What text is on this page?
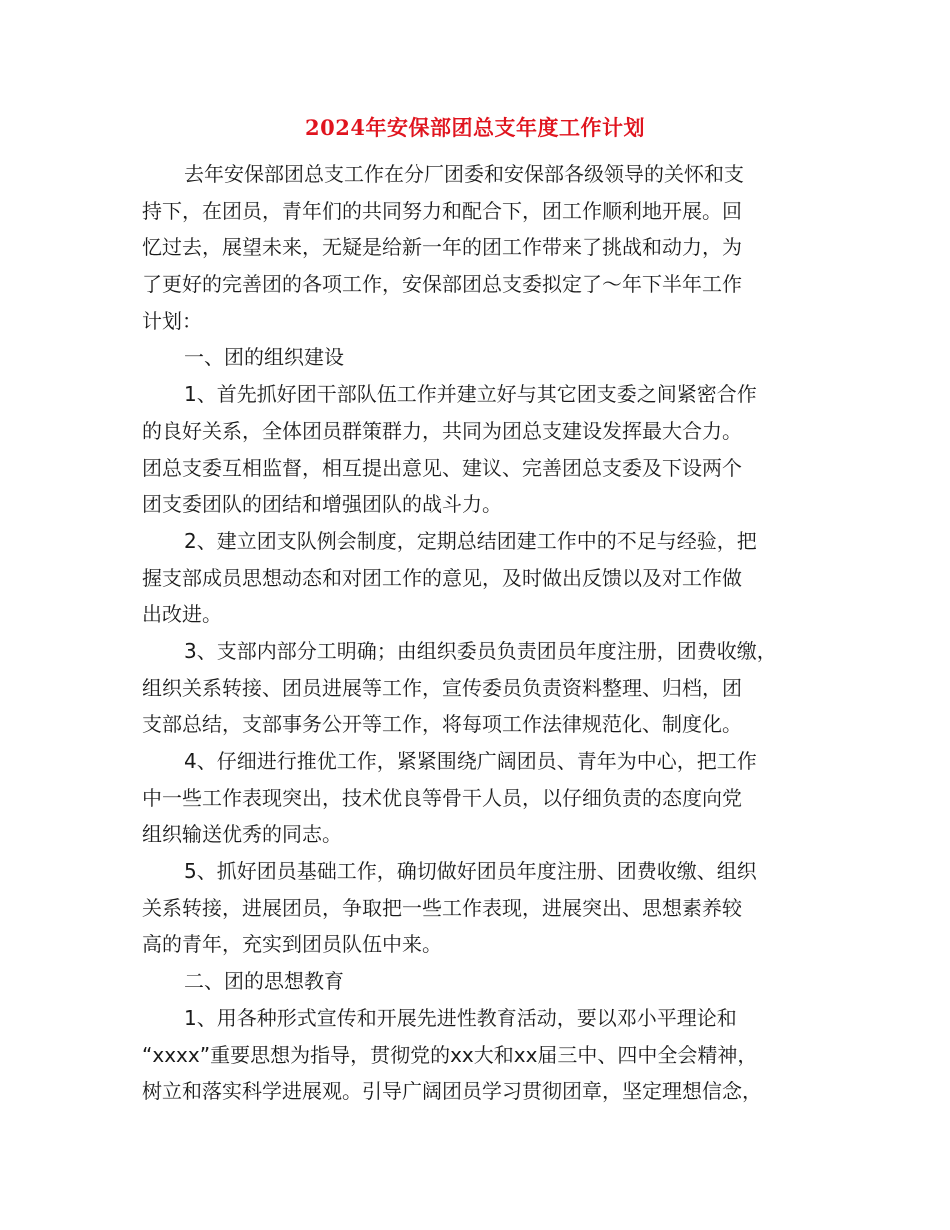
2024年安保部团总支年度工作计划
去年安保部团总支工作在分厂团委和安保部各级领导的关怀和支
持下，在团员，青年们的共同努力和配合下，团工作顺利地开展。回
忆过去，展望未来，无疑是给新一年的团工作带来了挑战和动力，为
了更好的完善团的各项工作，安保部团总支委拟定了～年下半年工作
计划：
一、团的组织建设
1、首先抓好团干部队伍工作并建立好与其它团支委之间紧密合作
的良好关系，全体团员群策群力，共同为团总支建设发挥最大合力。
团总支委互相监督，相互提出意见、建议、完善团总支委及下设两个
团支委团队的团结和增强团队的战斗力。
2、建立团支队例会制度，定期总结团建工作中的不足与经验，把
握支部成员思想动态和对团工作的意见，及时做出反馈以及对工作做
出改进。
3、支部内部分工明确；由组织委员负责团员年度注册，团费收缴，
组织关系转接、团员进展等工作，宣传委员负责资料整理、归档，团
支部总结，支部事务公开等工作，将每项工作法律规范化、制度化。
4、仔细进行推优工作，紧紧围绕广阔团员、青年为中心，把工作
中一些工作表现突出，技术优良等骨干人员，以仔细负责的态度向党
组织输送优秀的同志。
5、抓好团员基础工作，确切做好团员年度注册、团费收缴、组织
关系转接，进展团员，争取把一些工作表现，进展突出、思想素养较
高的青年，充实到团员队伍中来。
二、团的思想教育
1、用各种形式宣传和开展先进性教育活动，要以邓小平理论和
“xxxx”重要思想为指导，贯彻党的xx大和xx届三中、四中全会精神，
树立和落实科学进展观。引导广阔团员学习贯彻团章，坚定理想信念，
